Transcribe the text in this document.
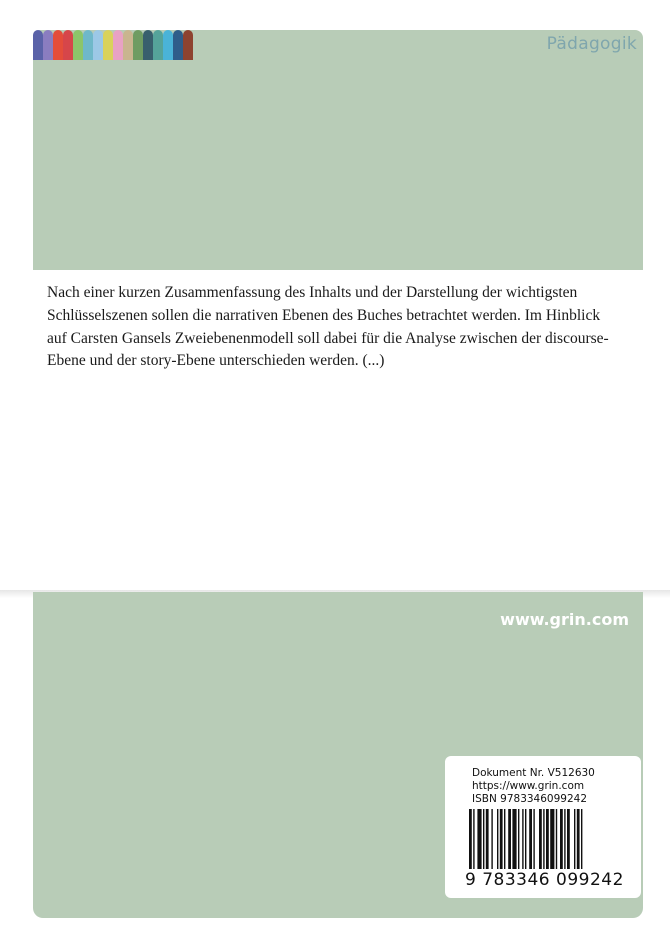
Pädagogik

Nach einer kurzen Zusammenfassung des Inhalts und der Darstellung der wichtigsten Schlüsselszenen sollen die narrativen Ebenen des Buches betrachtet werden. Im Hinblick auf Carsten Gansels Zweiebenenmodell soll dabei für die Analyse zwischen der discourse-Ebene und der story-Ebene unterschieden werden. (...)

www.grin.com
Dokument Nr. V512630
https://www.grin.com
ISBN 9783346099242
9 783346 099242
